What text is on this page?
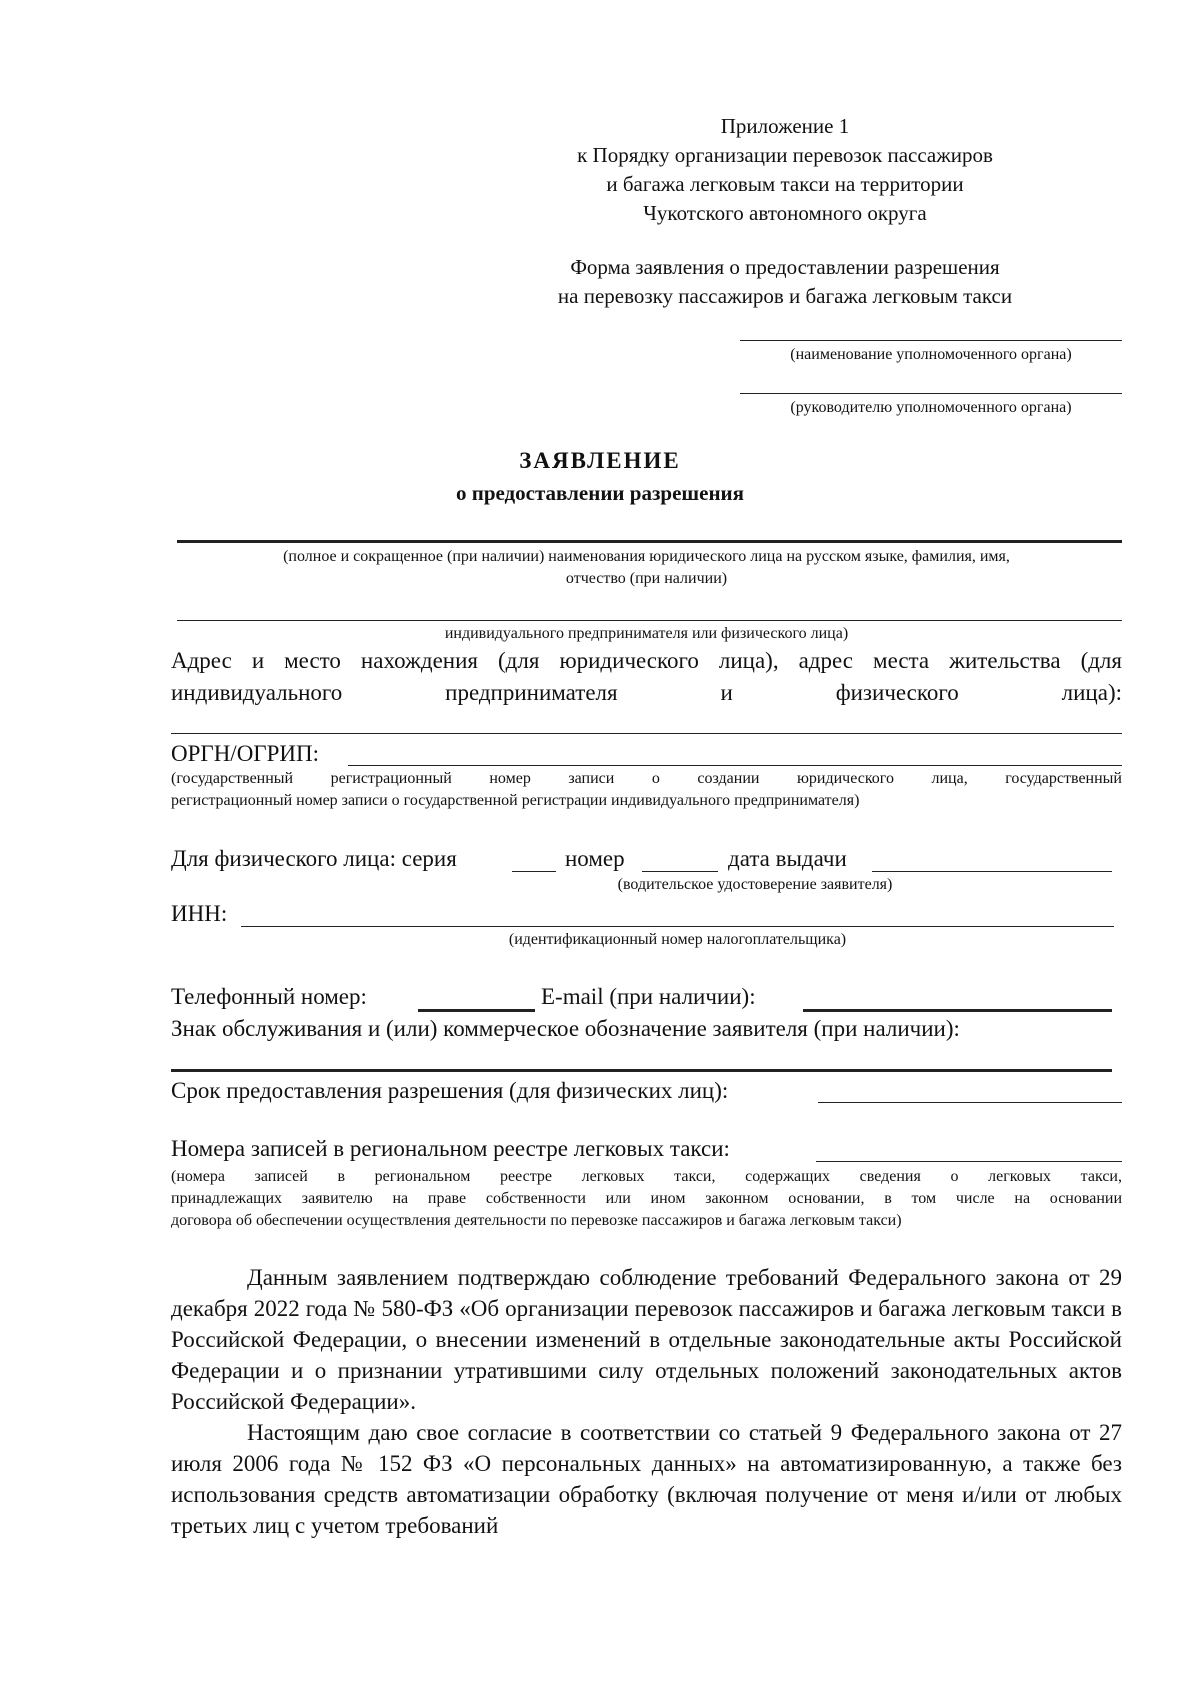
Приложение 1
к Порядку организации перевозок пассажиров
и багажа легковым такси на территории
Чукотского автономного округа
Форма заявления о предоставлении разрешения
на перевозку пассажиров и багажа легковым такси
(наименование уполномоченного органа)
(руководителю уполномоченного органа)
ЗАЯВЛЕНИЕ
о предоставлении разрешения
(полное и сокращенное (при наличии) наименования юридического лица на русском языке, фамилия, имя,
отчество (при наличии)
индивидуального предпринимателя или физического лица)
Адрес и место нахождения (для юридического лица), адрес места жительства (для
индивидуального предпринимателя и физического лица):
ОРГН/ОГРИП:
(государственный регистрационный номер записи о создании юридического лица, государственный
регистрационный номер записи о государственной регистрации индивидуального предпринимателя)
Для физического лица: серия	номер	дата выдачи
(водительское удостоверение заявителя)
ИНН:
(идентификационный номер налогоплательщика)
Телефонный номер:	E-mail (при наличии):
Знак обслуживания и (или) коммерческое обозначение заявителя (при наличии):
Срок предоставления разрешения (для физических лиц):
Номера записей в региональном реестре легковых такси:
(номера записей в региональном реестре легковых такси, содержащих сведения о легковых такси,
принадлежащих заявителю на праве собственности или ином законном основании, в том числе на основании
договора об обеспечении осуществления деятельности по перевозке пассажиров и багажа легковым такси)

Данным заявлением подтверждаю соблюдение требований Федерального закона от 29 декабря 2022 года № 580-ФЗ «Об организации перевозок пассажиров и багажа легковым такси в Российской Федерации, о внесении изменений в отдельные законодательные акты Российской Федерации и о признании утратившими силу отдельных положений законодательных актов Российской Федерации».

Настоящим даю свое согласие в соответствии со статьей 9 Федерального закона от 27 июля 2006 года № 152 ФЗ «О персональных данных» на автоматизированную, а также без использования средств автоматизации обработку (включая получение от меня и/или от любых третьих лиц с учетом требований
